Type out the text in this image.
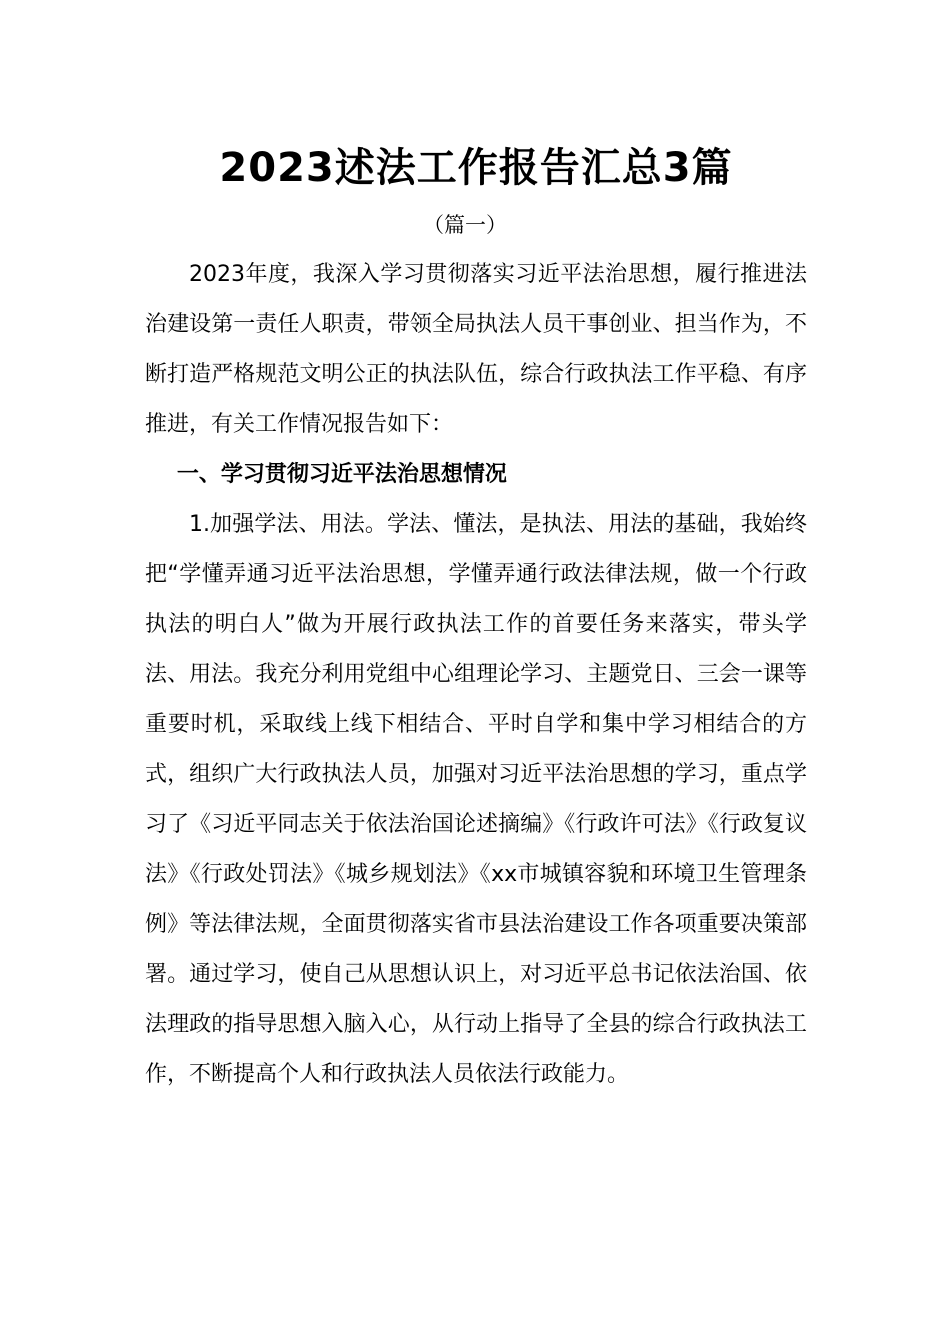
2023述法工作报告汇总3篇

（篇一）

2023年度，我深入学习贯彻落实习近平法治思想，履行推进法治建设第一责任人职责，带领全局执法人员干事创业、担当作为，不断打造严格规范文明公正的执法队伍，综合行政执法工作平稳、有序推进，有关工作情况报告如下：

一、学习贯彻习近平法治思想情况

1.加强学法、用法。学法、懂法，是执法、用法的基础，我始终把“学懂弄通习近平法治思想，学懂弄通行政法律法规，做一个行政执法的明白人”做为开展行政执法工作的首要任务来落实，带头学法、用法。我充分利用党组中心组理论学习、主题党日、三会一课等重要时机，采取线上线下相结合、平时自学和集中学习相结合的方式，组织广大行政执法人员，加强对习近平法治思想的学习，重点学习了《习近平同志关于依法治国论述摘编》《行政许可法》《行政复议法》《行政处罚法》《城乡规划法》《xx市城镇容貌和环境卫生管理条例》等法律法规，全面贯彻落实省市县法治建设工作各项重要决策部署。通过学习，使自己从思想认识上，对习近平总书记依法治国、依法理政的指导思想入脑入心，从行动上指导了全县的综合行政执法工作，不断提高个人和行政执法人员依法行政能力。
